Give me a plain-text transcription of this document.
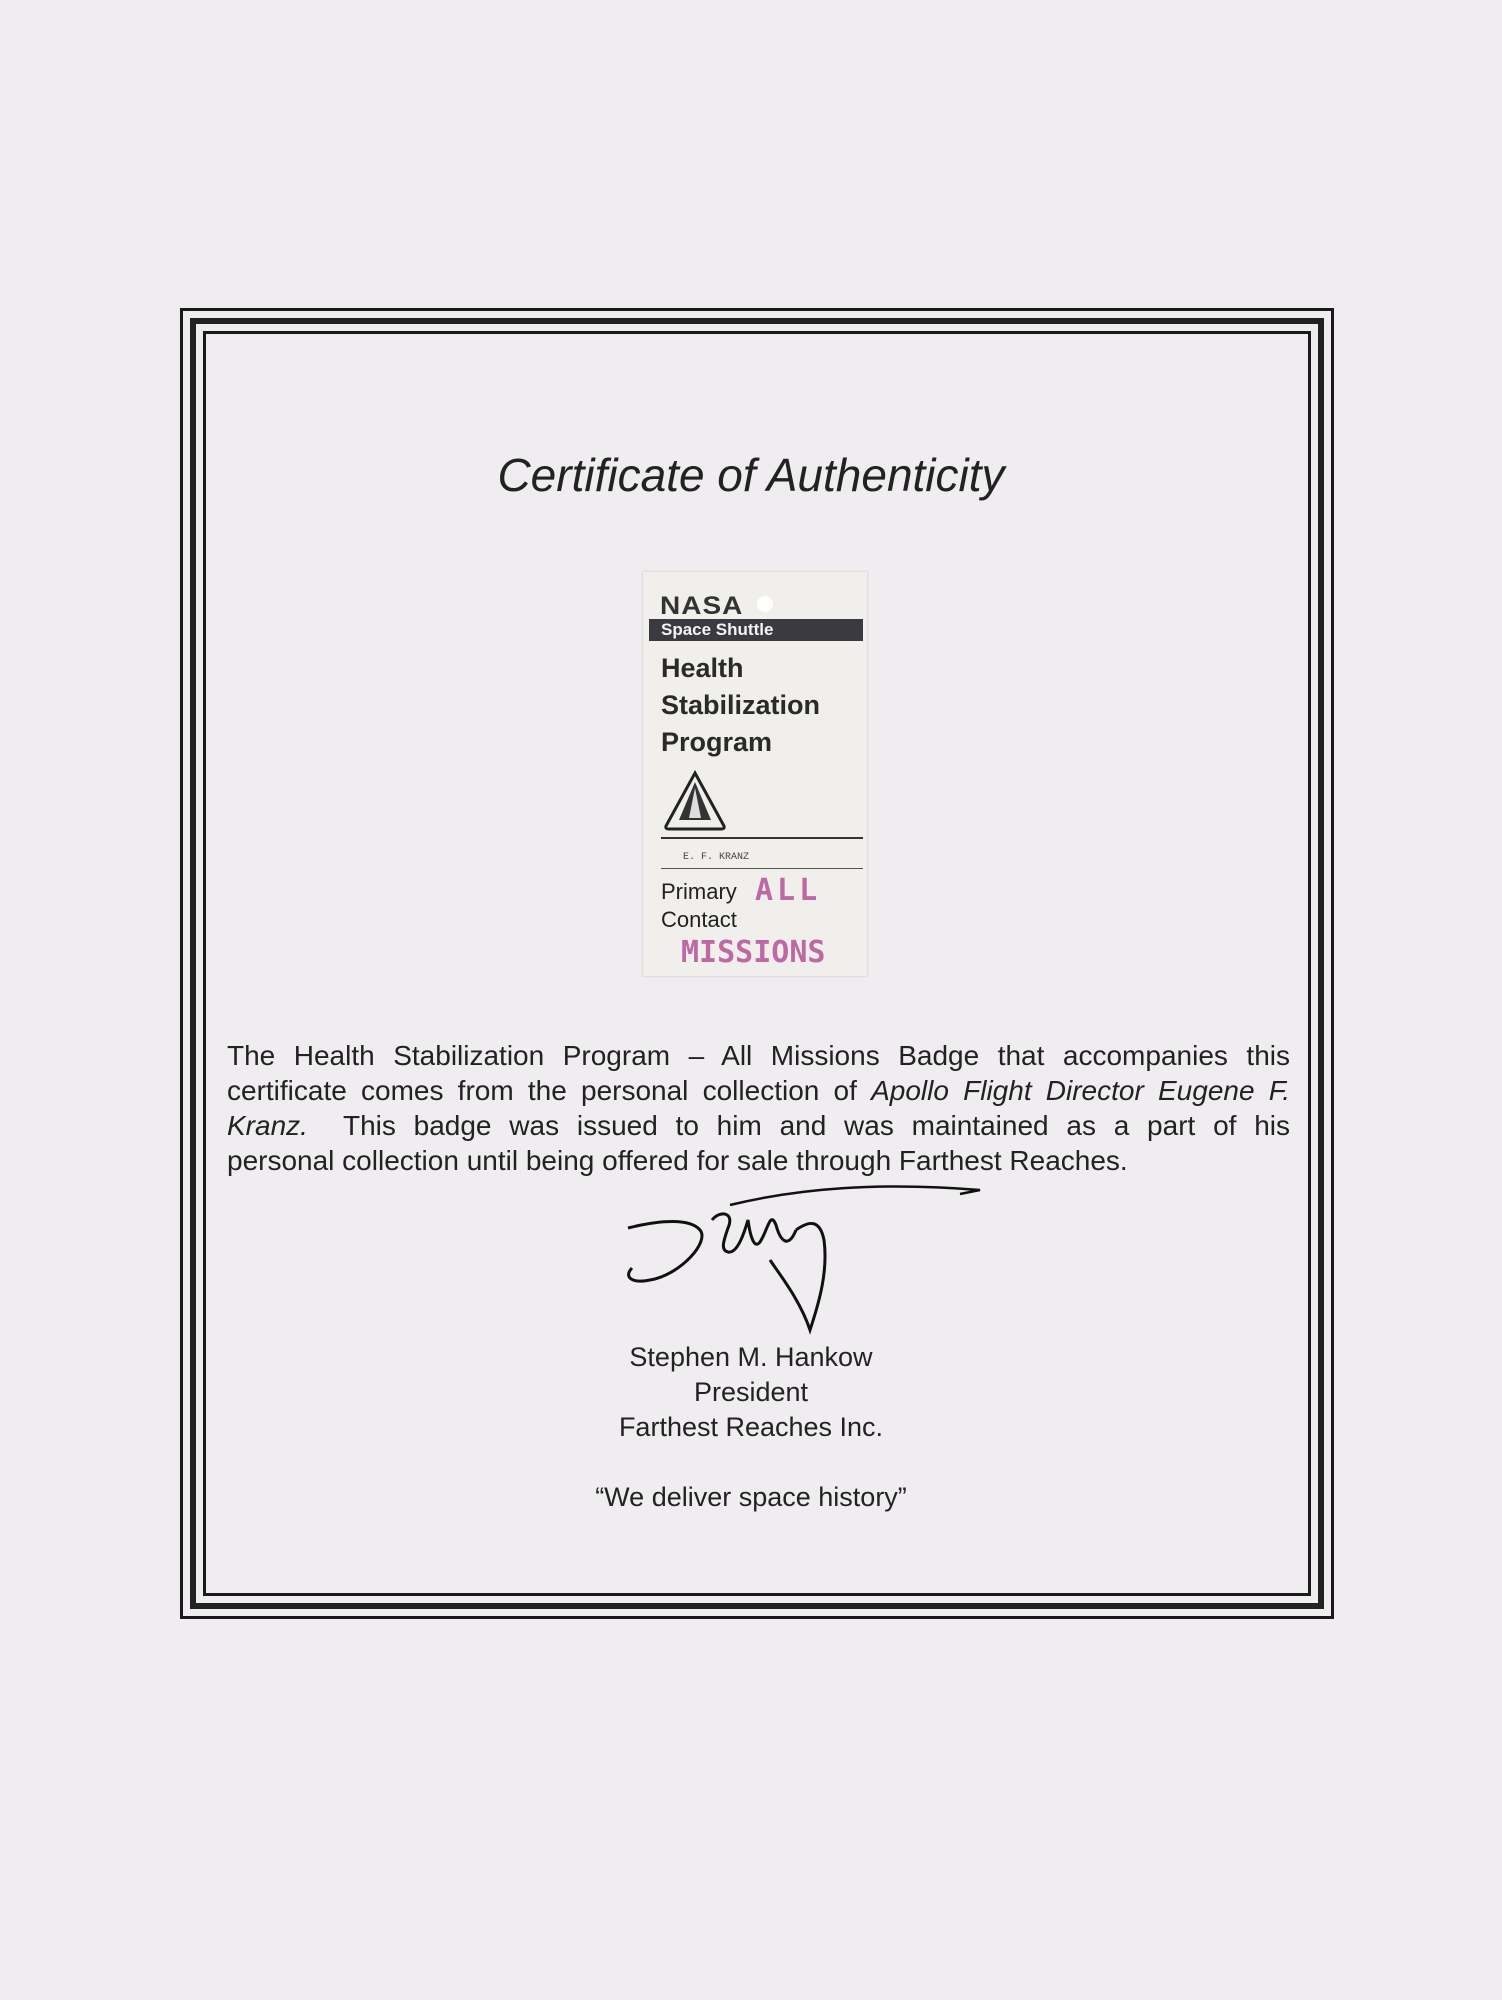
Certificate of Authenticity
NASA
Space Shuttle
Health
Stabilization
Program
E. F. KRANZ
Primary
Contact
ALL
MISSIONS
The Health Stabilization Program – All Missions Badge that accompanies this
certificate comes from the personal collection of Apollo Flight Director Eugene F.
Kranz.  This badge was issued to him and was maintained as a part of his
personal collection until being offered for sale through Farthest Reaches.
Stephen M. Hankow
President
Farthest Reaches Inc.
“We deliver space history”
